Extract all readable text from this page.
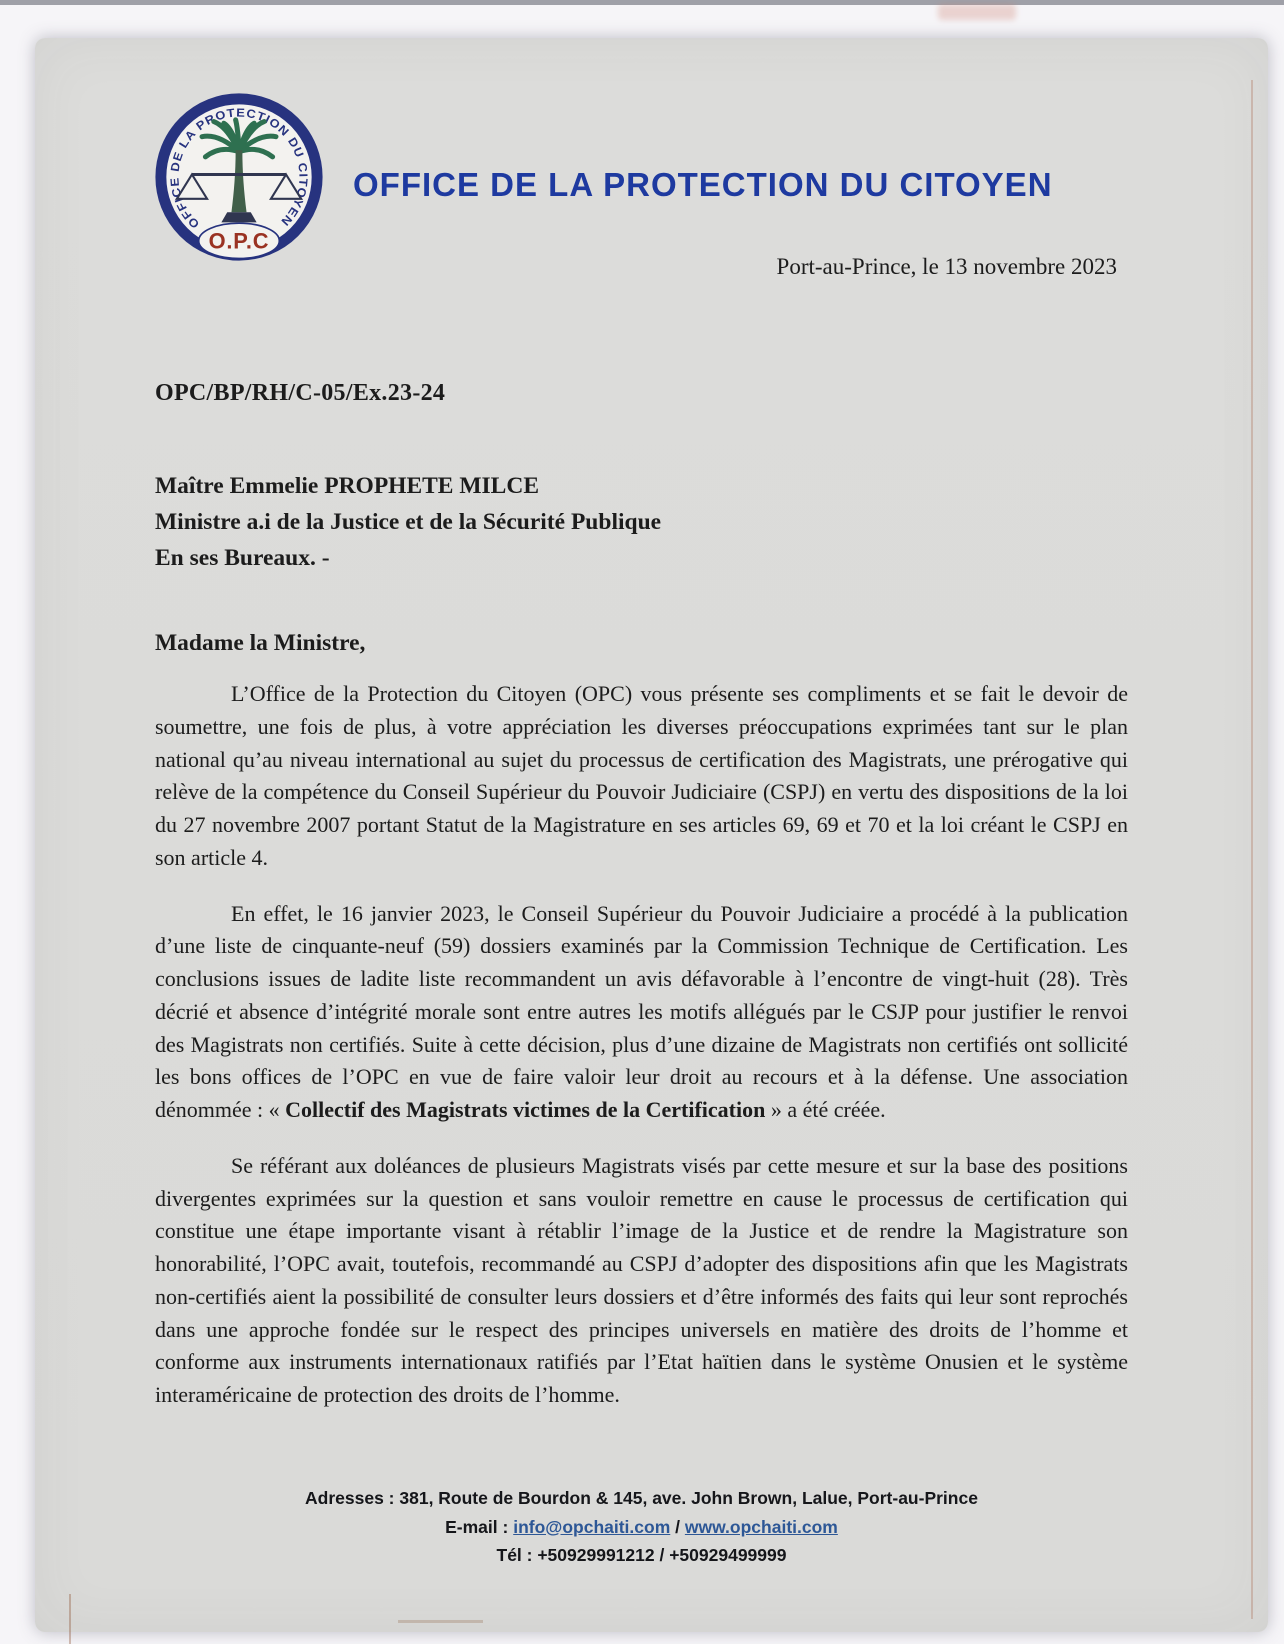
OFFICE DE LA PROTECTION DU CITOYEN
O.P.C
OFFICE DE LA PROTECTION DU CITOYEN
Port-au-Prince, le 13 novembre 2023
OPC/BP/RH/C-05/Ex.23-24
Maître Emmelie PROPHETE MILCE
Ministre a.i de la Justice et de la Sécurité Publique
En ses Bureaux. -
Madame la Ministre,

L’Office de la Protection du Citoyen (OPC) vous présente ses compliments et se fait le devoir de soumettre, une fois de plus, à votre appréciation les diverses préoccupations exprimées tant sur le plan national qu’au niveau international au sujet du processus de certification des Magistrats, une prérogative qui relève de la compétence du Conseil Supérieur du Pouvoir Judiciaire (CSPJ) en vertu des dispositions de la loi du 27 novembre 2007 portant Statut de la Magistrature en ses articles 69, 69 et 70 et la loi créant le CSPJ en son article 4.

En effet, le 16 janvier 2023, le Conseil Supérieur du Pouvoir Judiciaire a procédé à la publication d’une liste de cinquante-neuf (59) dossiers examinés par la Commission Technique de Certification. Les conclusions issues de ladite liste recommandent un avis défavorable à l’encontre de vingt-huit (28). Très décrié et absence d’intégrité morale sont entre autres les motifs allégués par le CSJP pour justifier le renvoi des Magistrats non certifiés. Suite à cette décision, plus d’une dizaine de Magistrats non certifiés ont sollicité les bons offices de l’OPC en vue de faire valoir leur droit au recours et à la défense. Une association dénommée : « Collectif des Magistrats victimes de la Certification » a été créée.

Se référant aux doléances de plusieurs Magistrats visés par cette mesure et sur la base des positions divergentes exprimées sur la question et sans vouloir remettre en cause le processus de certification qui constitue une étape importante visant à rétablir l’image de la Justice et de rendre la Magistrature son honorabilité, l’OPC avait, toutefois, recommandé au CSPJ d’adopter des dispositions afin que les Magistrats non-certifiés aient la possibilité de consulter leurs dossiers et d’être informés des faits qui leur sont reprochés dans une approche fondée sur le respect des principes universels en matière des droits de l’homme et conforme aux instruments internationaux ratifiés par l’Etat haïtien dans le système Onusien et le système interaméricaine de protection des droits de l’homme.

Adresses : 381, Route de Bourdon & 145, ave. John Brown, Lalue, Port-au-Prince
E-mail : info@opchaiti.com / www.opchaiti.com
Tél : +50929991212 / +50929499999
